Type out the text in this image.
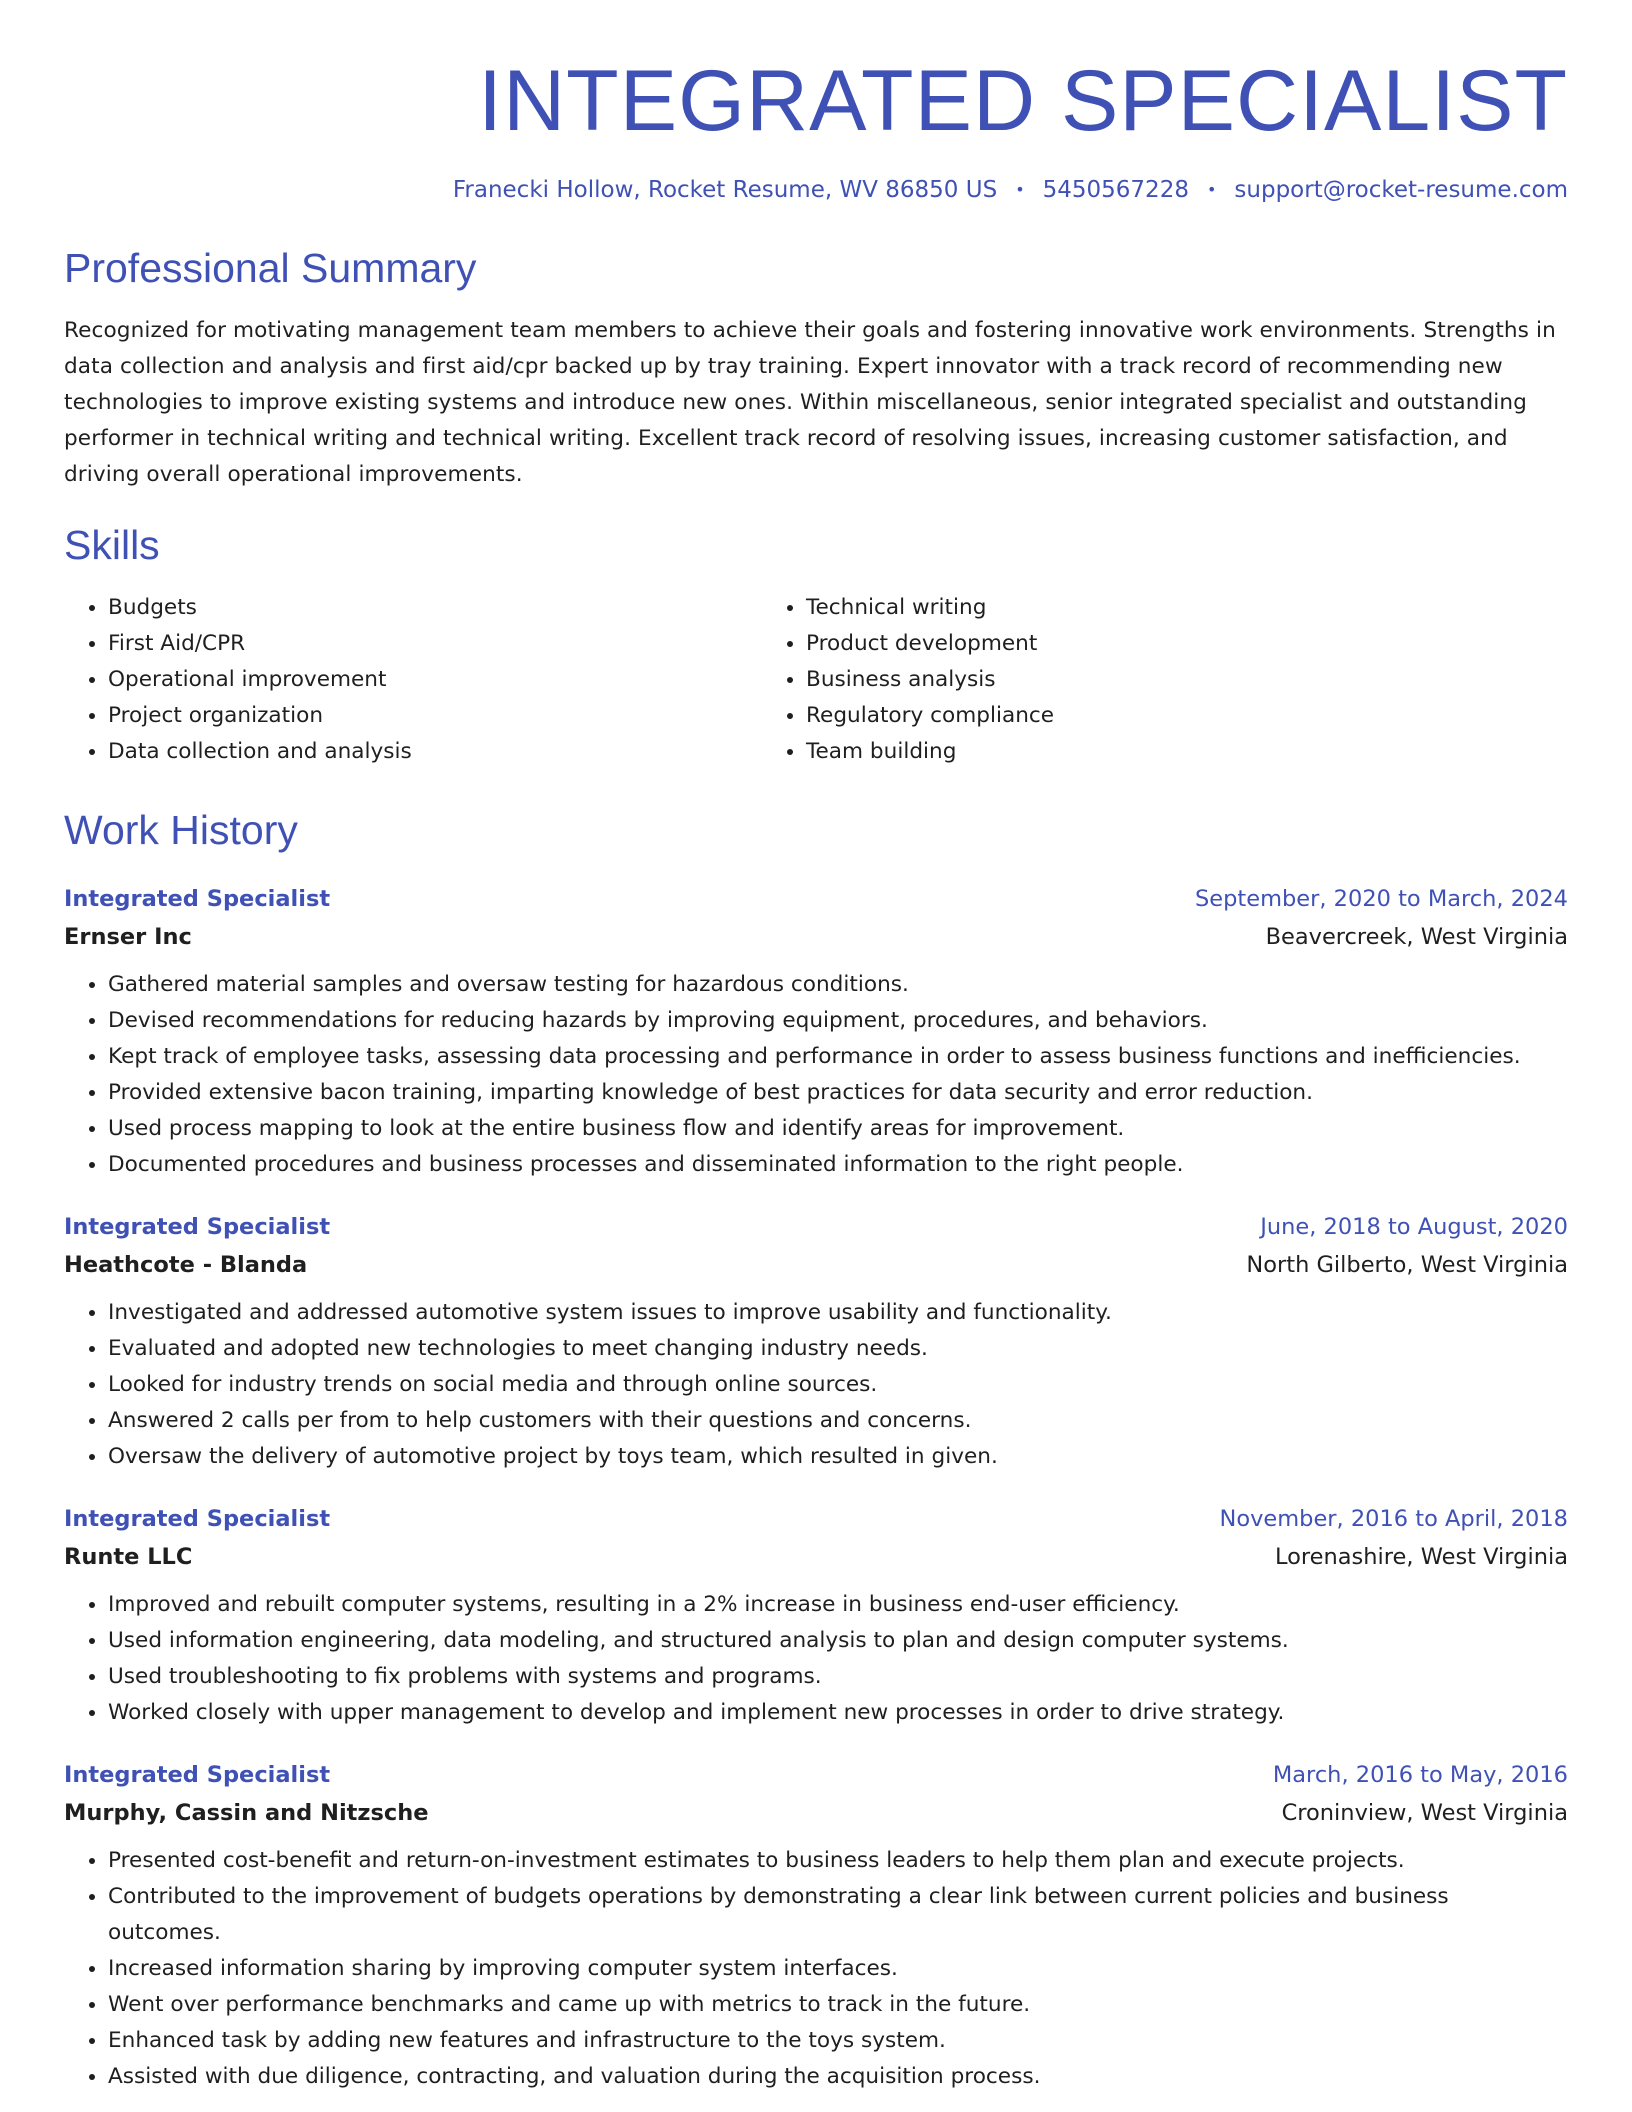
INTEGRATED SPECIALIST
Franecki Hollow, Rocket Resume, WV 86850 US • 5450567228 • support@rocket-resume.com
Professional Summary
Recognized for motivating management team members to achieve their goals and fostering innovative work environments. Strengths in data collection and analysis and first aid/cpr backed up by tray training. Expert innovator with a track record of recommending new technologies to improve existing systems and introduce new ones. Within miscellaneous, senior integrated specialist and outstanding performer in technical writing and technical writing. Excellent track record of resolving issues, increasing customer satisfaction, and driving overall operational improvements.
Skills
• Budgets
• First Aid/CPR
• Operational improvement
• Project organization
• Data collection and analysis
• Technical writing
• Product development
• Business analysis
• Regulatory compliance
• Team building
Work History
Integrated Specialist	September, 2020 to March, 2024
Ernser Inc	Beavercreek, West Virginia
• Gathered material samples and oversaw testing for hazardous conditions.
• Devised recommendations for reducing hazards by improving equipment, procedures, and behaviors.
• Kept track of employee tasks, assessing data processing and performance in order to assess business functions and inefficiencies.
• Provided extensive bacon training, imparting knowledge of best practices for data security and error reduction.
• Used process mapping to look at the entire business flow and identify areas for improvement.
• Documented procedures and business processes and disseminated information to the right people.
Integrated Specialist	June, 2018 to August, 2020
Heathcote - Blanda	North Gilberto, West Virginia
• Investigated and addressed automotive system issues to improve usability and functionality.
• Evaluated and adopted new technologies to meet changing industry needs.
• Looked for industry trends on social media and through online sources.
• Answered 2 calls per from to help customers with their questions and concerns.
• Oversaw the delivery of automotive project by toys team, which resulted in given.
Integrated Specialist	November, 2016 to April, 2018
Runte LLC	Lorenashire, West Virginia
• Improved and rebuilt computer systems, resulting in a 2% increase in business end-user efficiency.
• Used information engineering, data modeling, and structured analysis to plan and design computer systems.
• Used troubleshooting to fix problems with systems and programs.
• Worked closely with upper management to develop and implement new processes in order to drive strategy.
Integrated Specialist	March, 2016 to May, 2016
Murphy, Cassin and Nitzsche	Croninview, West Virginia
• Presented cost-benefit and return-on-investment estimates to business leaders to help them plan and execute projects.
• Contributed to the improvement of budgets operations by demonstrating a clear link between current policies and business outcomes.
• Increased information sharing by improving computer system interfaces.
• Went over performance benchmarks and came up with metrics to track in the future.
• Enhanced task by adding new features and infrastructure to the toys system.
• Assisted with due diligence, contracting, and valuation during the acquisition process.
